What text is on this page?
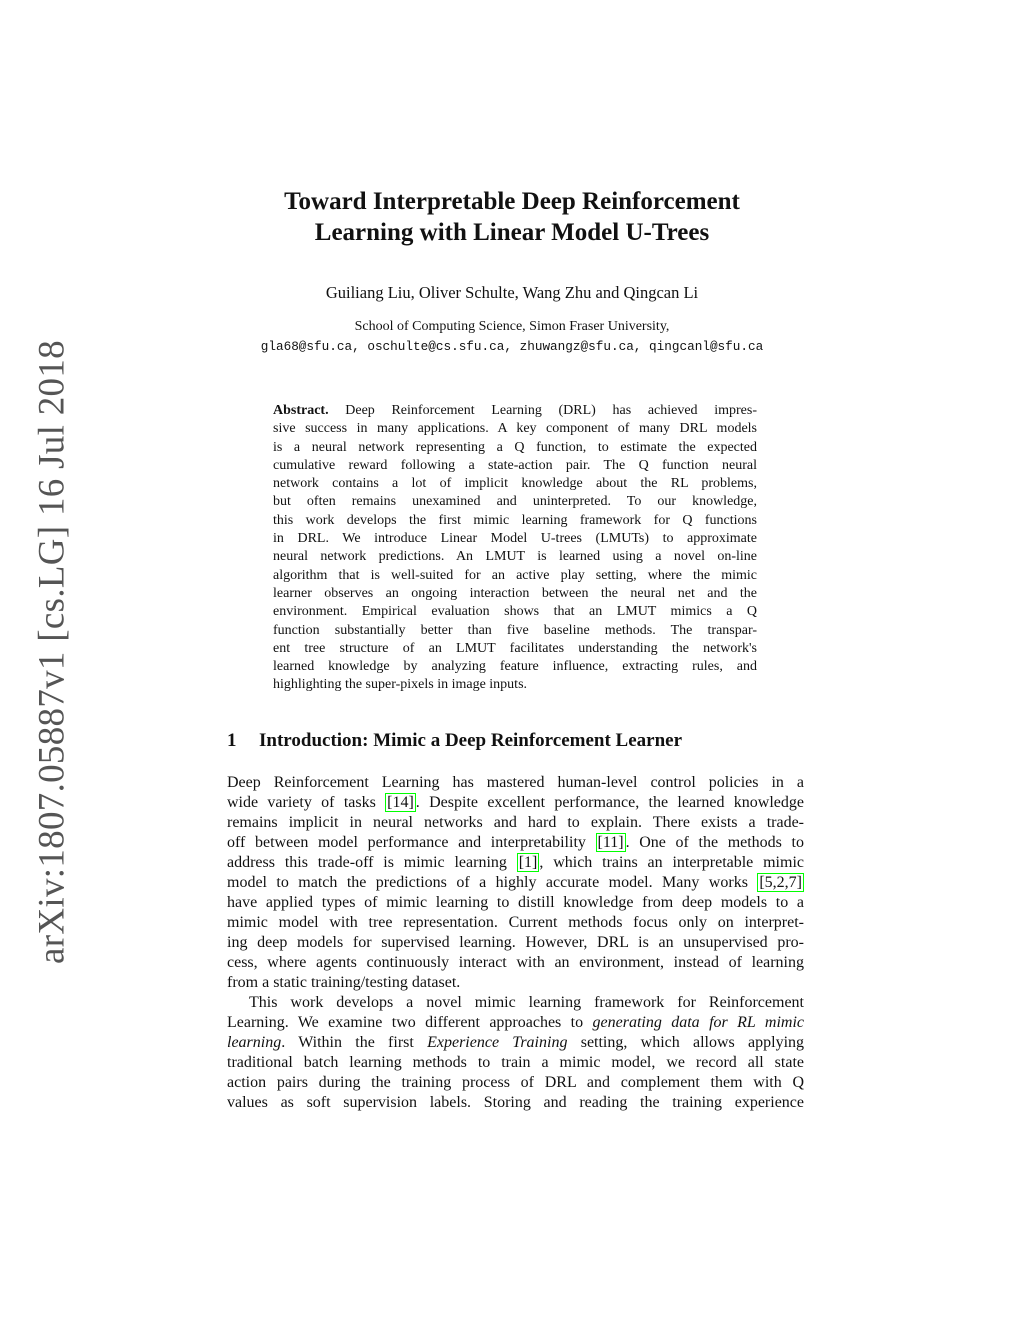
arXiv:1807.05887v1 [cs.LG] 16 Jul 2018
Toward Interpretable Deep Reinforcement
Learning with Linear Model U-Trees
Guiliang Liu, Oliver Schulte, Wang Zhu and Qingcan Li
School of Computing Science, Simon Fraser University,
gla68@sfu.ca, oschulte@cs.sfu.ca, zhuwangz@sfu.ca, qingcanl@sfu.ca
Abstract. Deep Reinforcement Learning (DRL) has achieved impres-
sive success in many applications. A key component of many DRL models
is a neural network representing a Q function, to estimate the expected
cumulative reward following a state-action pair. The Q function neural
network contains a lot of implicit knowledge about the RL problems,
but often remains unexamined and uninterpreted. To our knowledge,
this work develops the first mimic learning framework for Q functions
in DRL. We introduce Linear Model U-trees (LMUTs) to approximate
neural network predictions. An LMUT is learned using a novel on-line
algorithm that is well-suited for an active play setting, where the mimic
learner observes an ongoing interaction between the neural net and the
environment. Empirical evaluation shows that an LMUT mimics a Q
function substantially better than five baseline methods. The transpar-
ent tree structure of an LMUT facilitates understanding the network's
learned knowledge by analyzing feature influence, extracting rules, and
highlighting the super-pixels in image inputs.
1 Introduction: Mimic a Deep Reinforcement Learner
Deep Reinforcement Learning has mastered human-level control policies in a
wide variety of tasks [14] . Despite excellent performance, the learned knowledge
remains implicit in neural networks and hard to explain. There exists a trade-
off between model performance and interpretability [11] . One of the methods to
address this trade-off is mimic learning [1] , which trains an interpretable mimic
model to match the predictions of a highly accurate model. Many works [5,2,7]
have applied types of mimic learning to distill knowledge from deep models to a
mimic model with tree representation. Current methods focus only on interpret-
ing deep models for supervised learning. However, DRL is an unsupervised pro-
cess, where agents continuously interact with an environment, instead of learning
from a static training/testing dataset.
This work develops a novel mimic learning framework for Reinforcement
Learning. We examine two different approaches to generating data for RL mimic
learning. Within the first Experience Training setting, which allows applying
traditional batch learning methods to train a mimic model, we record all state
action pairs during the training process of DRL and complement them with Q
values as soft supervision labels. Storing and reading the training experience
